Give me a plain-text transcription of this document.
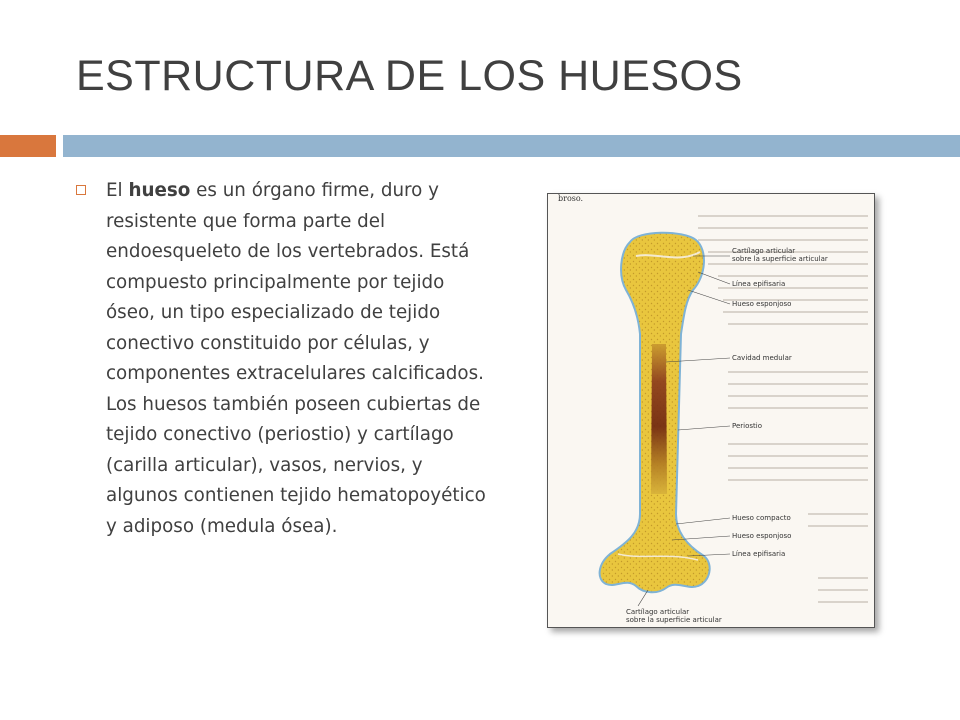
ESTRUCTURA DE LOS HUESOS

El hueso es un órgano firme, duro y resistente que forma parte del endoesqueleto de los vertebrados. Está compuesto principalmente por tejido óseo, un tipo especializado de tejido conectivo constituido por células, y componentes extracelulares calcificados. Los huesos también poseen cubiertas de tejido conectivo (periostio) y cartílago (carilla articular), vasos, nervios, y algunos contienen tejido hematopoyético y adiposo (medula ósea).

broso.
Cartílago articular
sobre la superficie articular
Línea epifisaria
Hueso esponjoso
Cavidad medular
Periostio
Hueso compacto
Hueso esponjoso
Línea epifisaria
Cartílago articular
sobre la superficie articular
